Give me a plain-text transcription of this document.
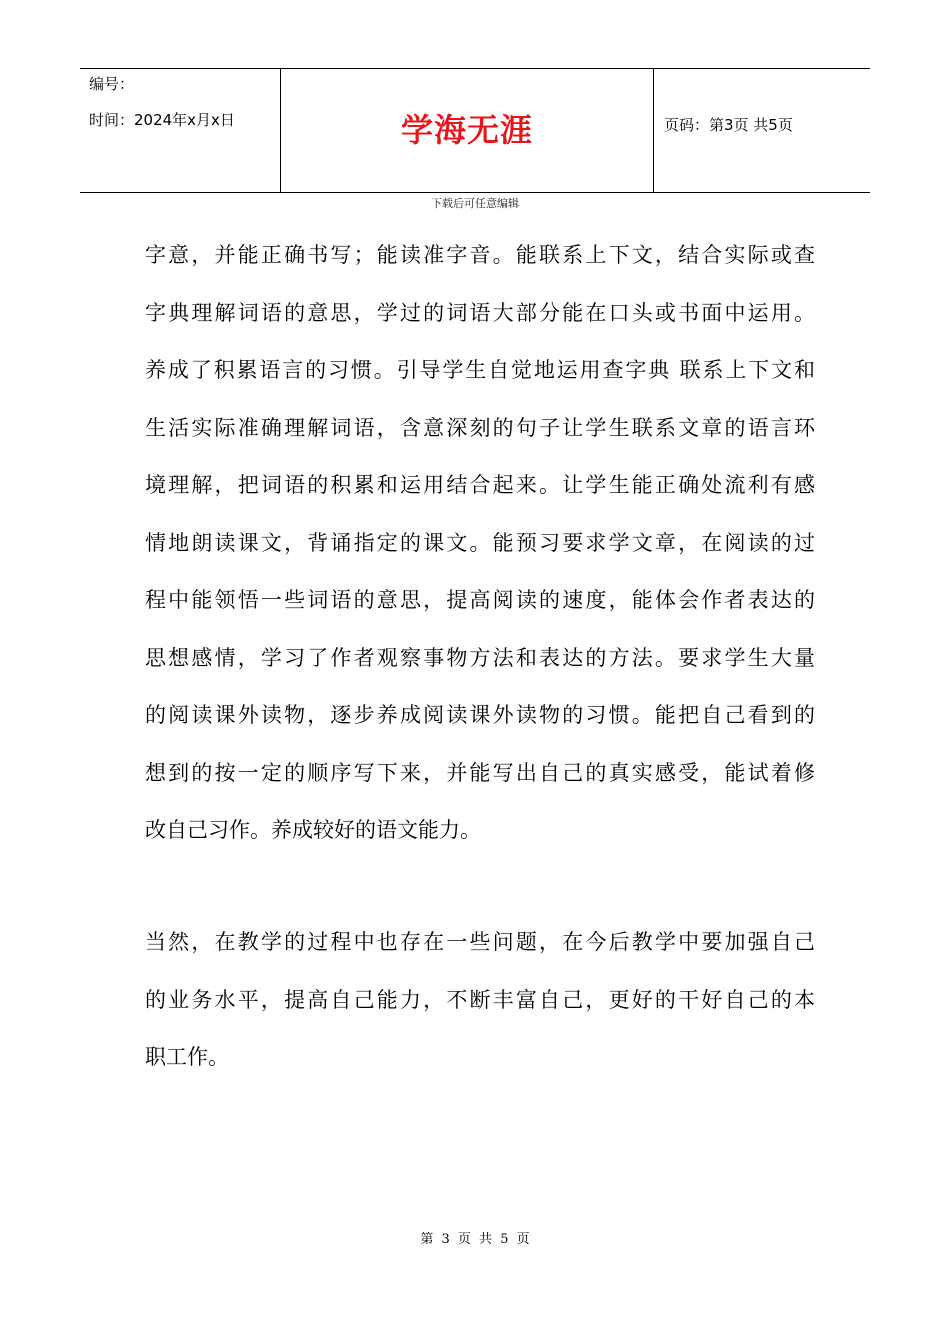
编号：
时间：2024年x月x日	学海无涯	页码：第3页 共5页
下载后可任意编辑
字意，并能正确书写；能读准字音。能联系上下文，结合实际或查
字典理解词语的意思，学过的词语大部分能在口头或书面中运用。
养成了积累语言的习惯。引导学生自觉地运用查字典 联系上下文和
生活实际准确理解词语，含意深刻的句子让学生联系文章的语言环
境理解，把词语的积累和运用结合起来。让学生能正确处流利有感
情地朗读课文，背诵指定的课文。能预习要求学文章，在阅读的过
程中能领悟一些词语的意思，提高阅读的速度，能体会作者表达的
思想感情，学习了作者观察事物方法和表达的方法。要求学生大量
的阅读课外读物，逐步养成阅读课外读物的习惯。能把自己看到的
想到的按一定的顺序写下来，并能写出自己的真实感受，能试着修
改自己习作。养成较好的语文能力。
当然，在教学的过程中也存在一些问题，在今后教学中要加强自己
的业务水平，提高自己能力，不断丰富自己，更好的干好自己的本
职工作。
第 3 页 共 5 页
